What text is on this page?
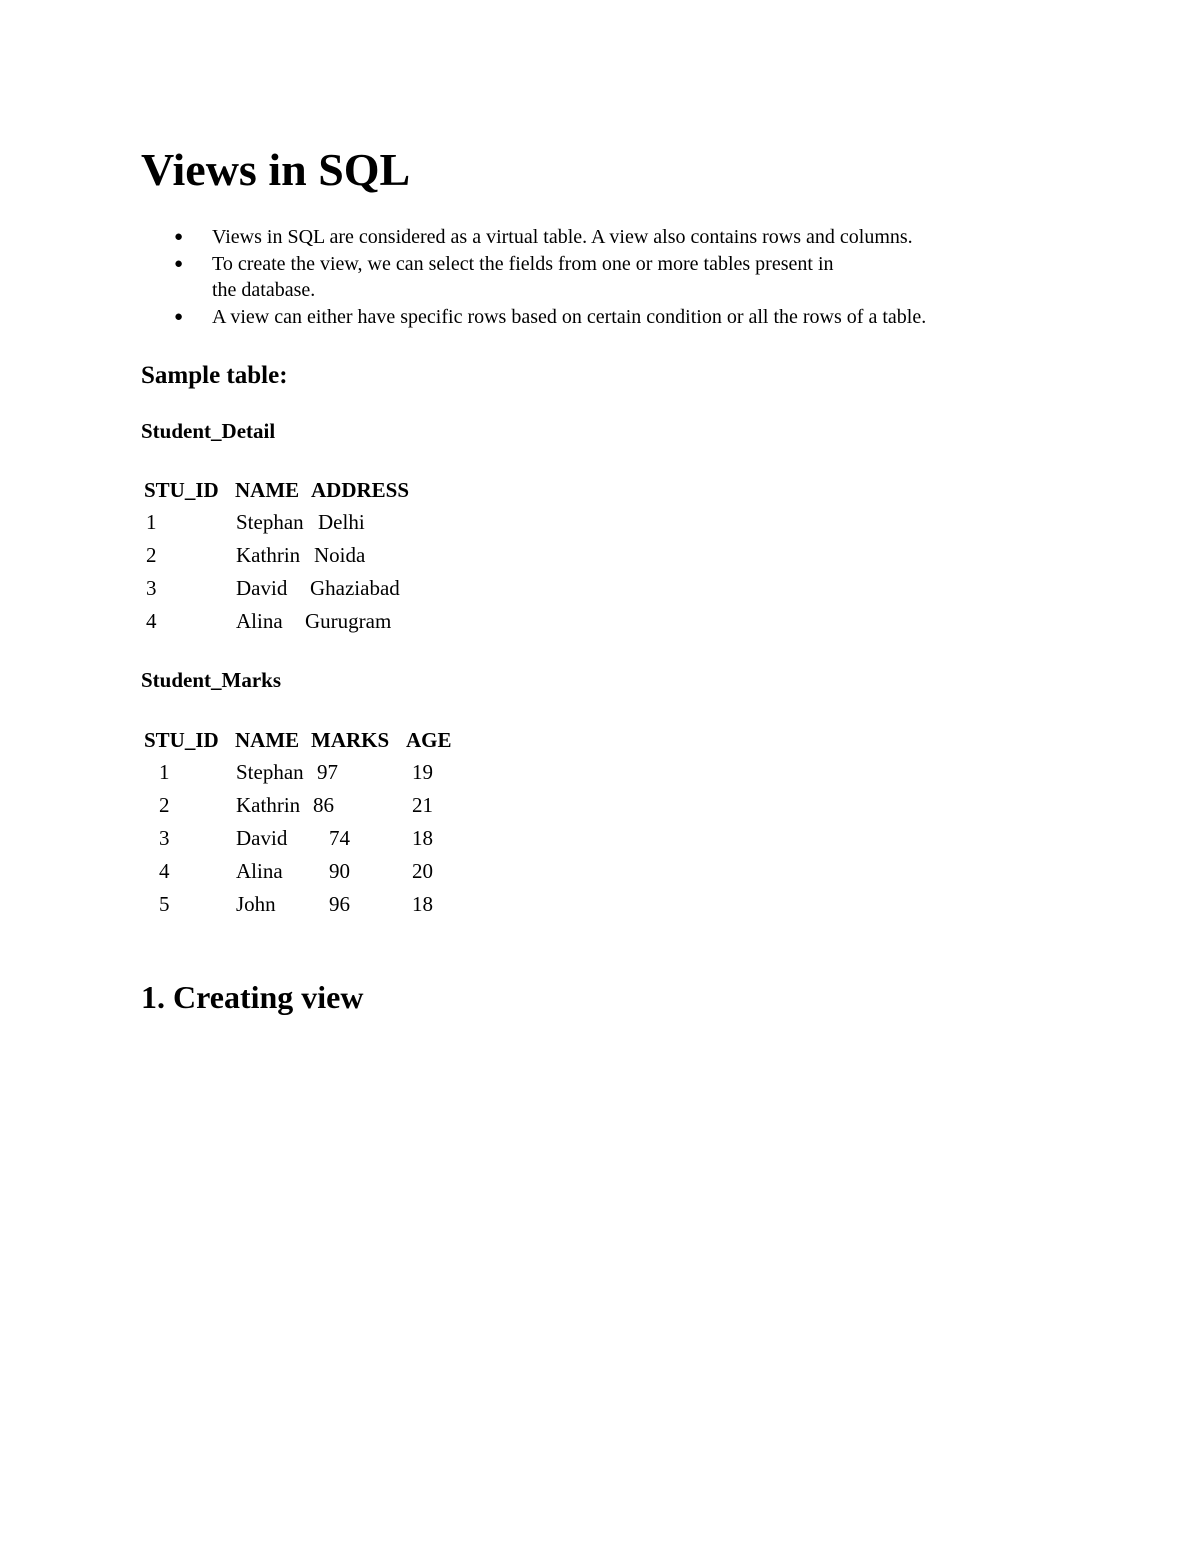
Views in SQL
● Views in SQL are considered as a virtual table. A view also contains rows and columns.
● To create the view, we can select the fields from one or more tables present in
the database.
● A view can either have specific rows based on certain condition or all the rows of a table.
Sample table:
Student_Detail
STU_ID NAME ADDRESS
1	Stephan Delhi
2	Kathrin Noida
3	David Ghaziabad
4	Alina Gurugram
Student_Marks
STU_ID NAME MARKS AGE
1	Stephan 97	19
2	Kathrin 86	21
3	David 74	18
4	Alina 90	20
5	John	96	18
1. Creating view
